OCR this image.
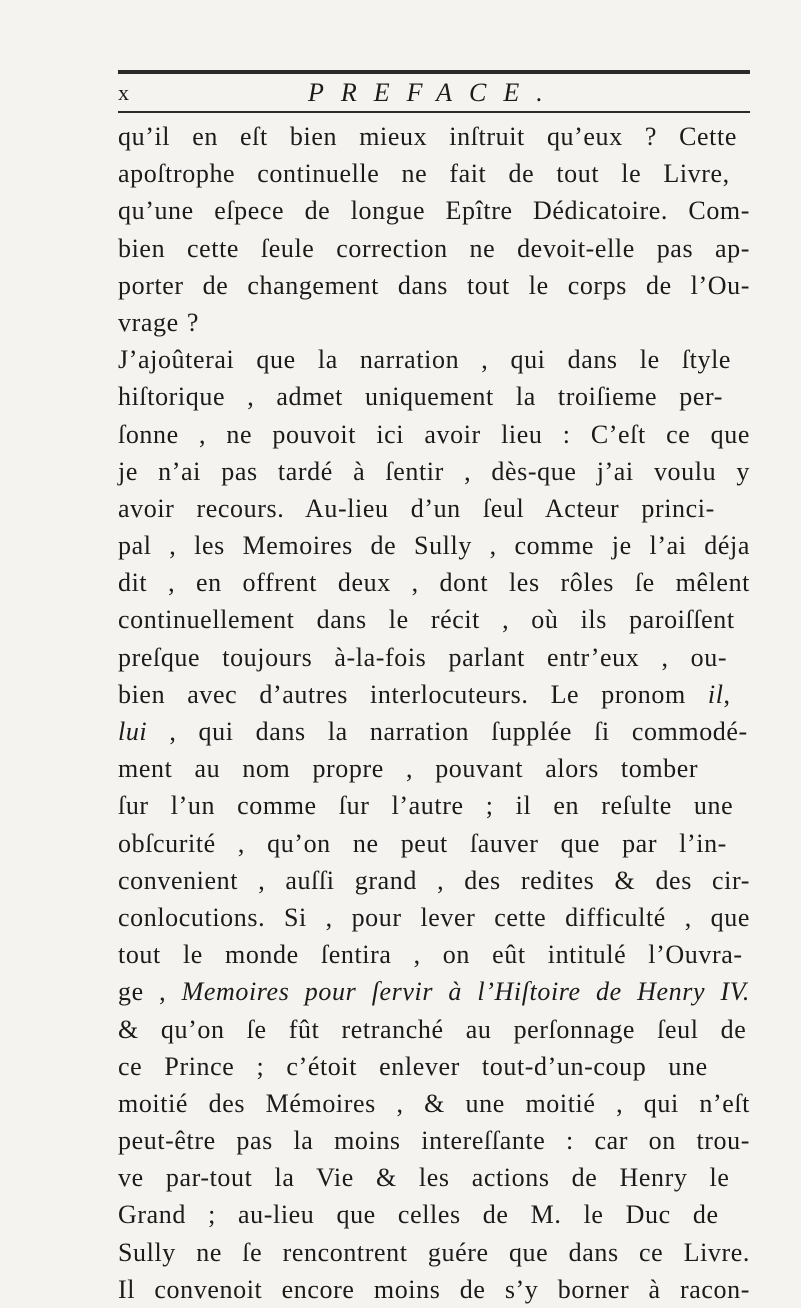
x	PREFACE.
qu’il en eſt bien mieux inſtruit qu’eux ? Cette
apoſtrophe continuelle ne fait de tout le Livre,
qu’une eſpece de longue Epître Dédicatoire. Com-
bien cette ſeule correction ne devoit-elle pas ap-
porter de changement dans tout le corps de l’Ou-
vrage ?
J’ajoûterai que la narration , qui dans le ſtyle
hiſtorique , admet uniquement la troiſieme per-
ſonne , ne pouvoit ici avoir lieu : C’eſt ce que
je n’ai pas tardé à ſentir , dès-que j’ai voulu y
avoir recours. Au-lieu d’un ſeul Acteur princi-
pal , les Memoires de Sully , comme je l’ai déja
dit , en offrent deux , dont les rôles ſe mêlent
continuellement dans le récit , où ils paroiſſent
preſque toujours à-la-fois parlant entr’eux , ou-
bien avec d’autres interlocuteurs. Le pronom il,
lui , qui dans la narration ſupplée ſi commodé-
ment au nom propre , pouvant alors tomber
ſur l’un comme ſur l’autre ; il en reſulte une
obſcurité , qu’on ne peut ſauver que par l’in-
convenient , auſſi grand , des redites & des cir-
conlocutions. Si , pour lever cette difficulté , que
tout le monde ſentira , on eût intitulé l’Ouvra-
ge , Memoires pour ſervir à l’Hiſtoire de Henry IV.
& qu’on ſe fût retranché au perſonnage ſeul de
ce Prince ; c’étoit enlever tout-d’un-coup une
moitié des Mémoires , & une moitié , qui n’eſt
peut-être pas la moins intereſſante : car on trou-
ve par-tout la Vie & les actions de Henry le
Grand ; au-lieu que celles de M. le Duc de
Sully ne ſe rencontrent guére que dans ce Livre.
Il convenoit encore moins de s’y borner à racon-
